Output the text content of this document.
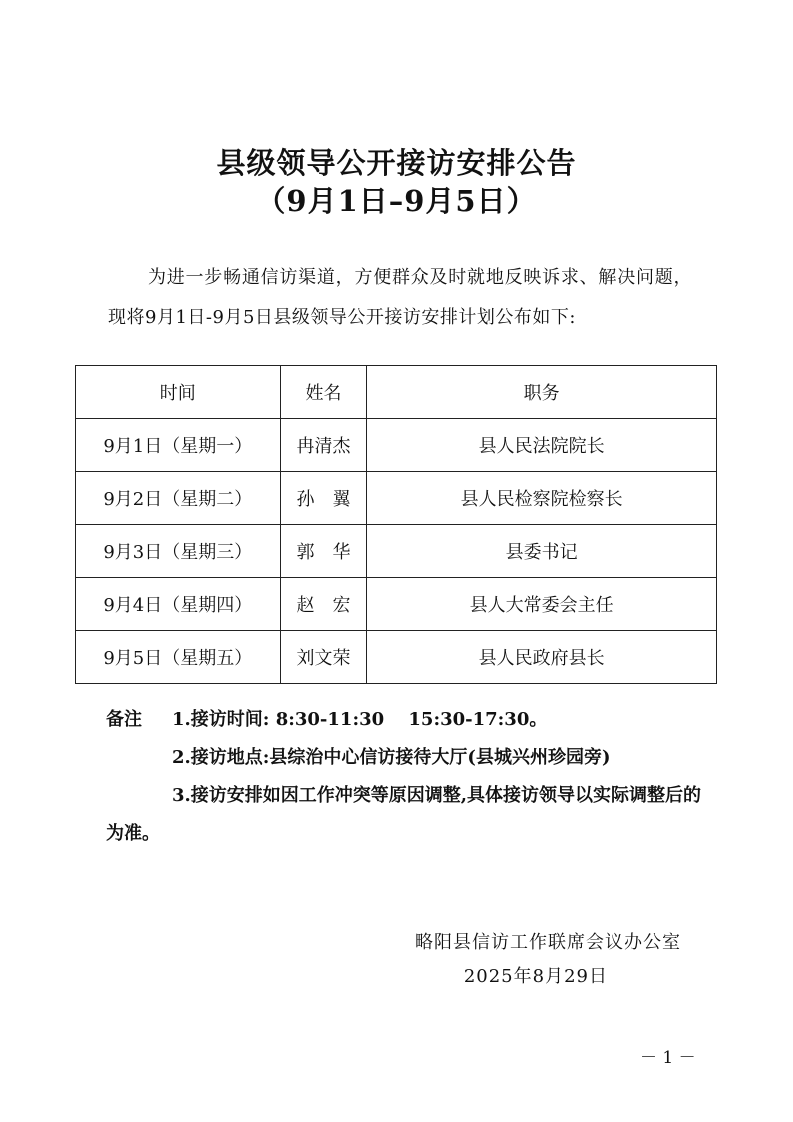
县级领导公开接访安排公告
（9月1日–9月5日）

为进一步畅通信访渠道，方便群众及时就地反映诉求、解决问题，现将9月1日-9月5日县级领导公开接访安排计划公布如下:

时间	姓名	职务
9月1日（星期一）	冉清杰	县人民法院院长
9月2日（星期二）	孙　翼	县人民检察院检察长
9月3日（星期三）	郭　华	县委书记
9月4日（星期四）	赵　宏	县人大常委会主任
9月5日（星期五）	刘文荣	县人民政府县长
备注 1.接访时间: 8:30-11:30　 15:30-17:30。
2.接访地点:县综治中心信访接待大厅(县城兴州珍园旁)
3.接访安排如因工作冲突等原因调整,具体接访领导以实际调整后的为准。
略阳县信访工作联席会议办公室
2025年8月29日
－ 1 －
